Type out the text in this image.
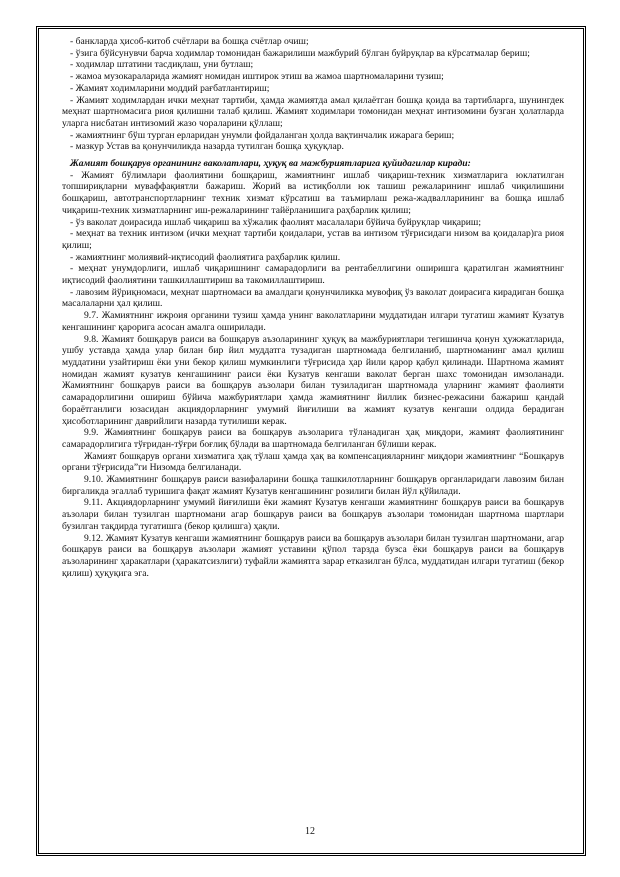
- банкларда ҳисоб-китоб счётлари ва бошқа счётлар очиш;

- ўзига бўйсунувчи барча ходимлар томонидан бажарилиши мажбурий бўлган буйруқлар ва кўрсатмалар бериш;

- ходимлар штатини тасдиқлаш, уни бутлаш;

- жамоа музокараларида жамият номидан иштирок этиш ва жамоа шартномаларини тузиш;

- Жамият ходимларини моддий рағбатлантириш;

- Жамият ходимлардан ички меҳнат тартиби, ҳамда жамиятда амал қилаётган бошқа қоида ва тартибларга, шунингдек меҳнат шартномасига риоя қилишни талаб қилиш. Жамият ходимлари томонидан меҳнат интизомини бузган ҳолатларда уларга нисбатан интизомий жазо чораларини қўллаш;

- жамиятнинг бўш турган ерларидан унумли фойдаланган ҳолда вақтинчалик ижарага бериш;

- мазкур Устав ва қонунчиликда назарда тутилган бошқа ҳуқуқлар.

Жамият бошқарув органининг ваколатлари, ҳуқуқ ва мажбуриятларига қуйидагилар киради:

- Жамият бўлимлари фаолиятини бошқариш, жамиятнинг ишлаб чиқариш-техник хизматларига юклатилган топшириқларни муваффақиятли бажариш. Жорий ва истиқболли юк ташиш режаларининг ишлаб чиқилишини бошқариш, автотранспортларнинг техник хизмат кўрсатиш ва таъмирлаш режа-жадвалларининг ва бошқа ишлаб чиқариш-техник хизматларнинг иш-режаларининг тайёрланишига раҳбарлик қилиш;

- ўз ваколат доирасида ишлаб чиқариш ва хўжалик фаолият масалалари бўйича буйруқлар чиқариш;

- меҳнат ва техник интизом (ички меҳнат тартиби қоидалари, устав ва интизом тўғрисидаги низом ва қоидалар)га риоя қилиш;

- жамиятнинг молиявий-иқтисодий фаолиятига раҳбарлик қилиш.

- меҳнат унумдорлиги, ишлаб чиқаришнинг самарадорлиги ва рентабеллигини оширишга қаратилган жамиятнинг иқтисодий фаолиятини ташкиллаштириш ва такомиллаштириш.

- лавозим йўриқномаси, меҳнат шартномаси ва амалдаги қонунчиликка мувофиқ ўз ваколат доирасига кирадиган бошқа масалаларни ҳал қилиш.

9.7. Жамиятнинг ижроия органини тузиш ҳамда унинг ваколатларини муддатидан илгари тугатиш жамият Кузатув кенгашининг қарорига асосан амалга оширилади.

9.8. Жамият бошқарув раиси ва бошқарув аъзоларининг ҳуқуқ ва мажбуриятлари тегишинча қонун ҳужжатларида, ушбу уставда ҳамда улар билан бир йил муддатга тузадиган шартномада белгиланиб, шартноманинг амал қилиш муддатини узайтириш ёки уни бекор қилиш мумкинлиги тўғрисида ҳар йили қарор қабул қилинади. Шартнома жамият номидан жамият кузатув кенгашининг раиси ёки Кузатув кенгаши ваколат берган шахс томонидан имзоланади. Жамиятнинг бошқарув раиси ва бошқарув аъзолари билан тузиладиган шартномада уларнинг жамият фаолияти самарадорлигини ошириш бўйича мажбуриятлари ҳамда жамиятнинг йиллик бизнес-режасини бажариш қандай бораётганлиги юзасидан акциядорларнинг умумий йиғилиши ва жамият кузатув кенгаши олдида берадиган ҳисоботларининг даврийлиги назарда тутилиши керак.

9.9. Жамиятнинг бошқарув раиси ва бошқарув аъзоларига тўланадиган ҳақ миқдори, жамият фаолиятининг самарадорлигига тўғридан-тўғри боғлиқ бўлади ва шартномада белгиланган бўлиши керак.

Жамият бошқарув органи хизматига ҳақ тўлаш ҳамда ҳақ ва компенсацияларнинг миқдори жамиятнинг “Бошқарув органи тўғрисида”ги Низомда белгиланади.

9.10. Жамиятнинг бошқарув раиси вазифаларини бошқа ташкилотларнинг бошқарув органларидаги лавозим билан биргаликда эгаллаб туришига фақат жамият Кузатув кенгашининг розилиги билан йўл қўйилади.

9.11. Акциядорларнинг умумий йиғилиши ёки жамият Кузатув кенгаши жамиятнинг бошқарув раиси ва бошқарув аъзолари билан тузилган шартномани агар бошқарув раиси ва бошқарув аъзолари томонидан шартнома шартлари бузилган тақдирда тугатишга (бекор қилишга) ҳақли.

9.12. Жамият Кузатув кенгаши жамиятнинг бошқарув раиси ва бошқарув аъзолари билан тузилган шартномани, агар бошқарув раиси ва бошқарув аъзолари жамият уставини қўпол тарзда бузса ёки бошқарув раиси ва бошқарув аъзоларининг ҳаракатлари (ҳаракатсизлиги) туфайли жамиятга зарар етказилган бўлса, муддатидан илгари тугатиш (бекор қилиш) ҳуқуқига эга.

12
